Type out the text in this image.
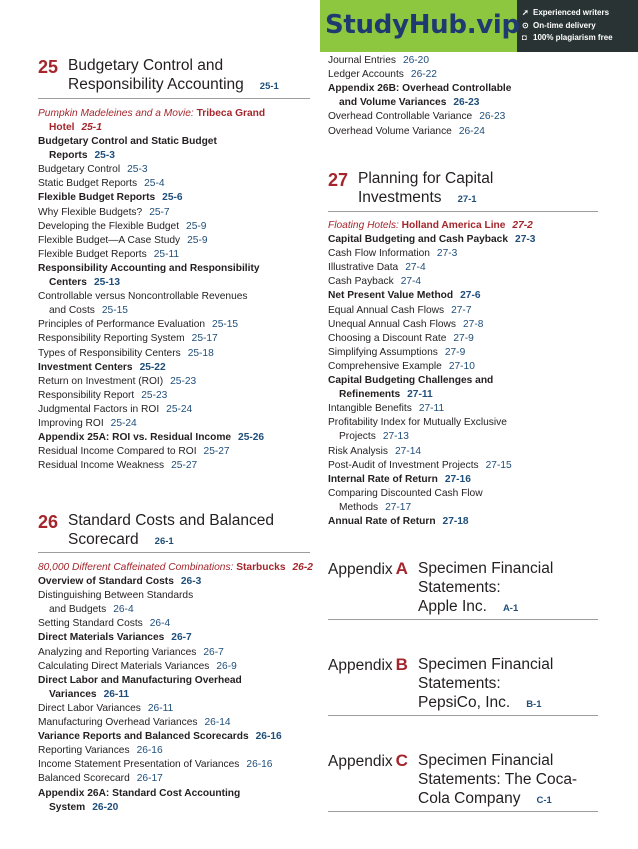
StudyHub.vip ➚ Experienced writers
⊙ On-time delivery
◘ 100% plagiarism free
25 Budgetary Control and
Responsibility Accounting 25-1
Pumpkin Madeleines and a Movie: Tribeca Grand
Hotel 25-1
Budgetary Control and Static Budget
Reports 25-3
Budgetary Control 25-3
Static Budget Reports 25-4
Flexible Budget Reports 25-6
Why Flexible Budgets? 25-7
Developing the Flexible Budget 25-9
Flexible Budget—A Case Study 25-9
Flexible Budget Reports 25-11
Responsibility Accounting and Responsibility
Centers 25-13
Controllable versus Noncontrollable Revenues
and Costs 25-15
Principles of Performance Evaluation 25-15
Responsibility Reporting System 25-17
Types of Responsibility Centers 25-18
Investment Centers 25-22
Return on Investment (ROI) 25-23
Responsibility Report 25-23
Judgmental Factors in ROI 25-24
Improving ROI 25-24
Appendix 25A: ROI vs. Residual Income 25-26
Residual Income Compared to ROI 25-27
Residual Income Weakness 25-27
26 Standard Costs and Balanced
Scorecard 26-1
80,000 Different Caffeinated Combinations: Starbucks 26-2
Overview of Standard Costs 26-3
Distinguishing Between Standards
and Budgets 26-4
Setting Standard Costs 26-4
Direct Materials Variances 26-7
Analyzing and Reporting Variances 26-7
Calculating Direct Materials Variances 26-9
Direct Labor and Manufacturing Overhead
Variances 26-11
Direct Labor Variances 26-11
Manufacturing Overhead Variances 26-14
Variance Reports and Balanced Scorecards 26-16
Reporting Variances 26-16
Income Statement Presentation of Variances 26-16
Balanced Scorecard 26-17
Appendix 26A: Standard Cost Accounting
System 26-20
Journal Entries 26-20
Ledger Accounts 26-22
Appendix 26B: Overhead Controllable
and Volume Variances 26-23
Overhead Controllable Variance 26-23
Overhead Volume Variance 26-24
27 Planning for Capital
Investments 27-1
Floating Hotels: Holland America Line 27-2
Capital Budgeting and Cash Payback 27-3
Cash Flow Information 27-3
Illustrative Data 27-4
Cash Payback 27-4
Net Present Value Method 27-6
Equal Annual Cash Flows 27-7
Unequal Annual Cash Flows 27-8
Choosing a Discount Rate 27-9
Simplifying Assumptions 27-9
Comprehensive Example 27-10
Capital Budgeting Challenges and
Refinements 27-11
Intangible Benefits 27-11
Profitability Index for Mutually Exclusive
Projects 27-13
Risk Analysis 27-14
Post-Audit of Investment Projects 27-15
Internal Rate of Return 27-16
Comparing Discounted Cash Flow
Methods 27-17
Annual Rate of Return 27-18
Appendix A Specimen Financial
Statements:
Apple Inc. A-1
Appendix B Specimen Financial
Statements:
PepsiCo, Inc. B-1
Appendix C Specimen Financial
Statements: The Coca-
Cola Company C-1
